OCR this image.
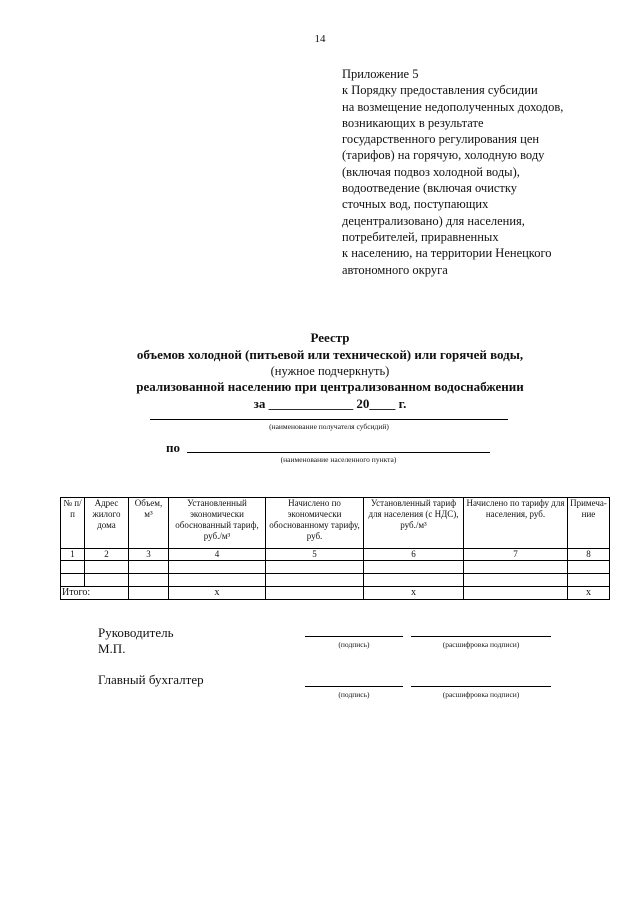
14
Приложение 5
к Порядку предоставления субсидии
на возмещение недополученных доходов,
возникающих в результате
государственного регулирования цен
(тарифов) на горячую, холодную воду
(включая подвоз холодной воды),
водоотведение (включая очистку
сточных вод, поступающих
децентрализовано) для населения,
потребителей, приравненных
к населению, на территории Ненецкого
автономного округа
Реестр
объемов холодной (питьевой или технической) или горячей воды,
(нужное подчеркнуть)
реализованной населению при централизованном водоснабжении
за _____________ 20____ г.
(наименование получателя субсидий)
по
(наименование населенного пункта)
№ п/п	Адрес жилого дома	Объем, м³	Установленный экономически обоснованный тариф, руб./м³	Начислено по экономически обоснованному тарифу, руб.	Установленный тариф для населения (с НДС), руб./м³	Начислено по тарифу для населения, руб.	Примеча-ние
1	2	3	4	5	6	7	8

Итого:			x		x		x
Руководитель
М.П.	(подпись)	(расшифровка подписи)
Главный бухгалтер
(подпись)	(расшифровка подписи)
